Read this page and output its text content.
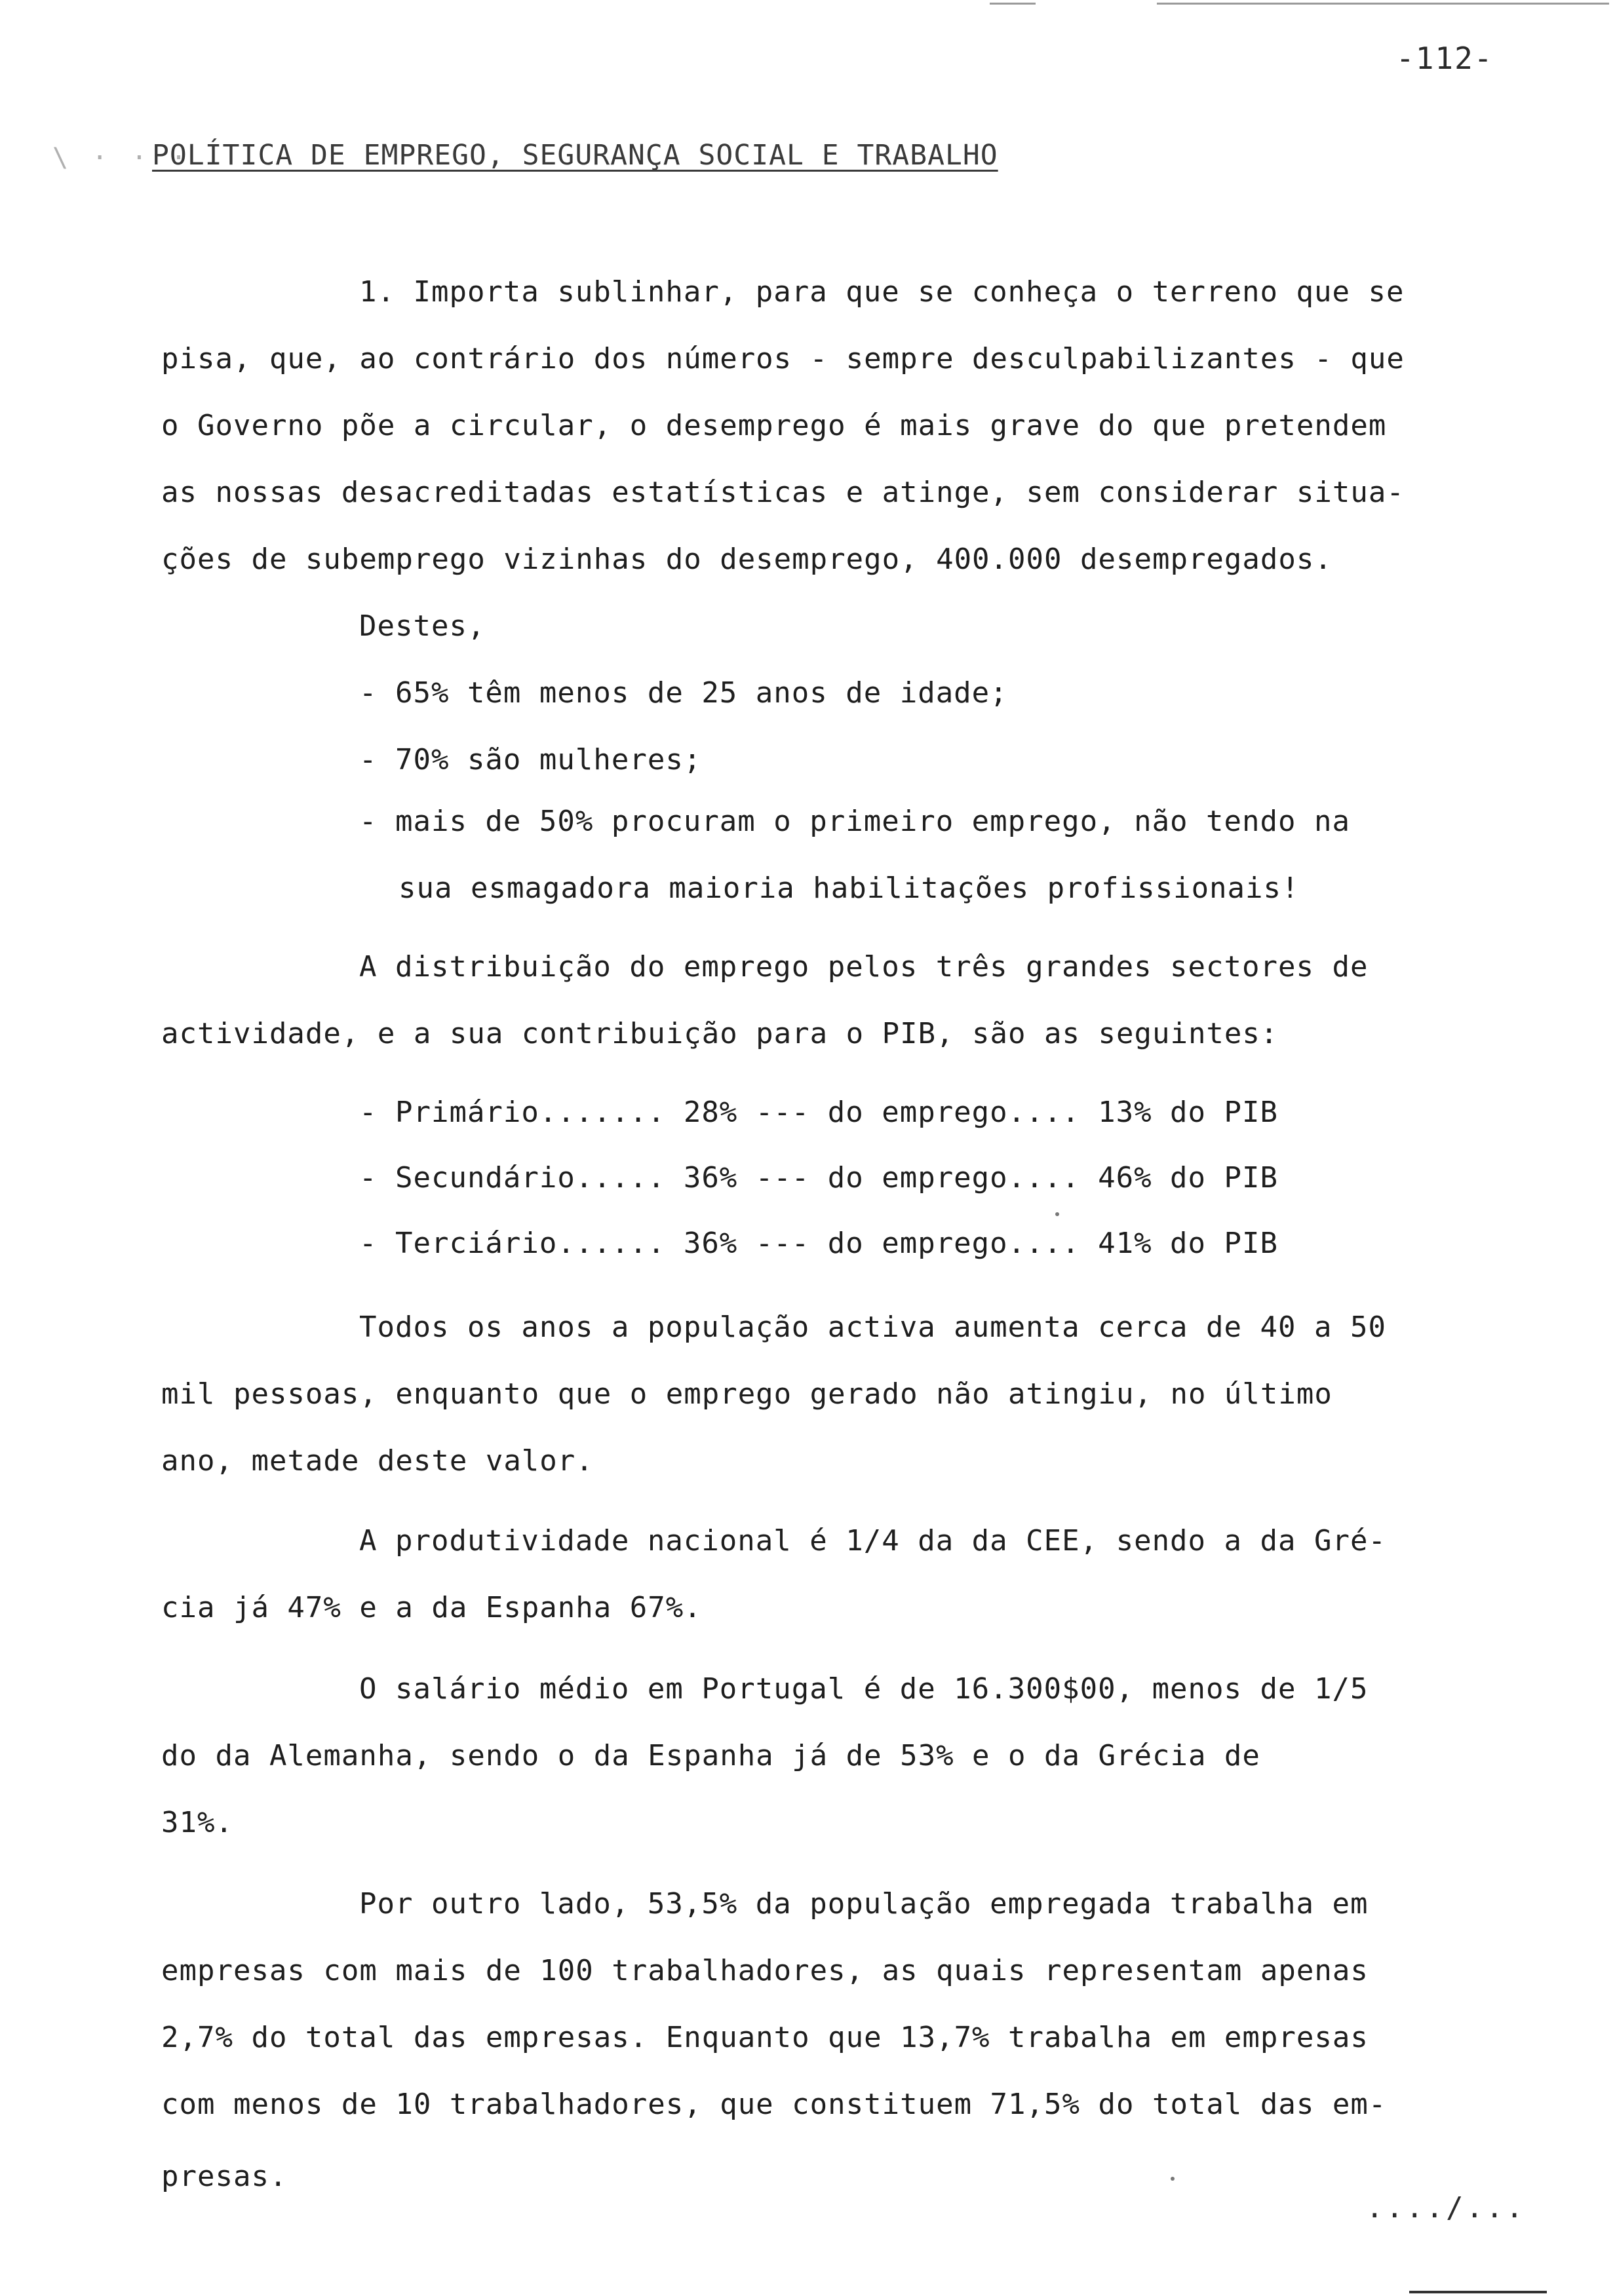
-112-
\ · · ·
POLÍTICA DE EMPREGO, SEGURANÇA SOCIAL E TRABALHO
1. Importa sublinhar, para que se conheça o terreno que se
pisa, que, ao contrário dos números - sempre desculpabilizantes - que
o Governo põe a circular, o desemprego é mais grave do que pretendem
as nossas desacreditadas estatísticas e atinge, sem considerar situa-
ções de subemprego vizinhas do desemprego, 400.000 desempregados.
Destes,
- 65% têm menos de 25 anos de idade;
- 70% são mulheres;
- mais de 50% procuram o primeiro emprego, não tendo na
sua esmagadora maioria habilitações profissionais!
A distribuição do emprego pelos três grandes sectores de
actividade, e a sua contribuição para o PIB, são as seguintes:
- Primário....... 28% --- do emprego.... 13% do PIB
- Secundário..... 36% --- do emprego.... 46% do PIB
- Terciário...... 36% --- do emprego.... 41% do PIB
Todos os anos a população activa aumenta cerca de 40 a 50
mil pessoas, enquanto que o emprego gerado não atingiu, no último
ano, metade deste valor.
A produtividade nacional é 1/4 da da CEE, sendo a da Gré-
cia já 47% e a da Espanha 67%.
O salário médio em Portugal é de 16.300$00, menos de 1/5
do da Alemanha, sendo o da Espanha já de 53% e o da Grécia de
31%.
Por outro lado, 53,5% da população empregada trabalha em
empresas com mais de 100 trabalhadores, as quais representam apenas
2,7% do total das empresas. Enquanto que 13,7% trabalha em empresas
com menos de 10 trabalhadores, que constituem 71,5% do total das em-
presas.
..../...
